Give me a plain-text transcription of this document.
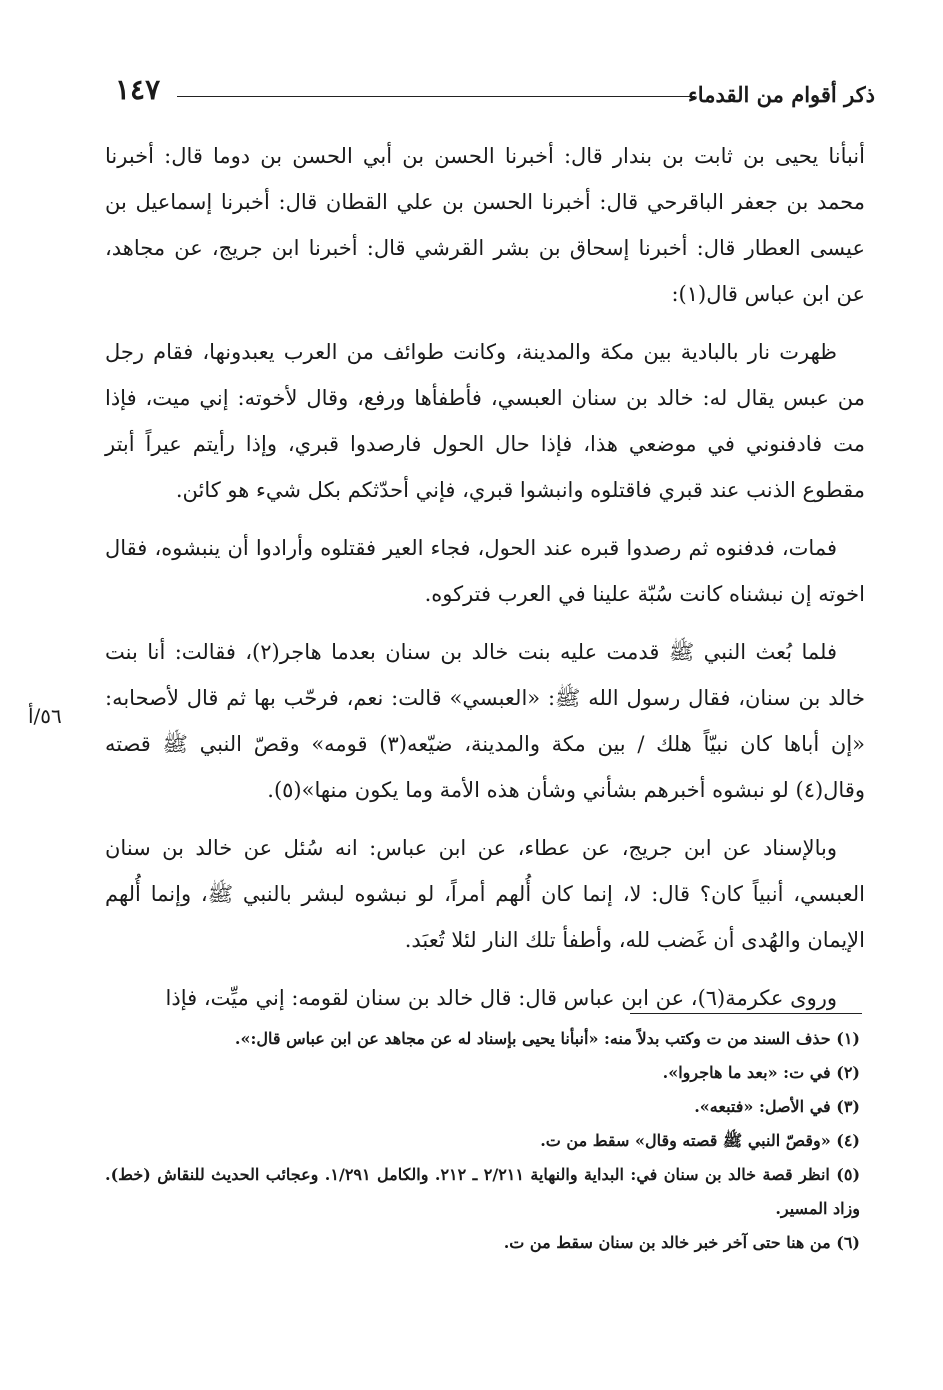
١٤٧	ذكر أقوام من القدماء
٥٦/أ

أنبأنا يحيى بن ثابت بن بندار قال: أخبرنا الحسن بن أبي الحسن بن دوما قال: أخبرنا محمد بن جعفر الباقرحي قال: أخبرنا الحسن بن علي القطان قال: أخبرنا إسماعيل بن عيسى العطار قال: أخبرنا إسحاق بن بشر القرشي قال: أخبرنا ابن جريج، عن مجاهد، عن ابن عباس قال(١):

ظهرت نار بالبادية بين مكة والمدينة، وكانت طوائف من العرب يعبدونها، فقام رجل من عبس يقال له: خالد بن سنان العبسي، فأطفأها ورفع، وقال لأخوته: إني ميت، فإذا مت فادفنوني في موضعي هذا، فإذا حال الحول فارصدوا قبري، وإذا رأيتم عيراً أبتر مقطوع الذنب عند قبري فاقتلوه وانبشوا قبري، فإني أحدّثكم بكل شيء هو كائن.

فمات، فدفنوه ثم رصدوا قبره عند الحول، فجاء العير فقتلوه وأرادوا أن ينبشوه، فقال اخوته إن نبشناه كانت سُبّة علينا في العرب فتركوه.

فلما بُعث النبي ﷺ قدمت عليه بنت خالد بن سنان بعدما هاجر(٢)، فقالت: أنا بنت خالد بن سنان، فقال رسول الله ﷺ: «العبسي» قالت: نعم، فرحّب بها ثم قال لأصحابه: «إن أباها كان نبيّاً هلك / بين مكة والمدينة، ضيّعه(٣) قومه» وقصّ النبي ﷺ قصته وقال(٤) لو نبشوه أخبرهم بشأني وشأن هذه الأمة وما يكون منها»(٥).

وبالإسناد عن ابن جريج، عن عطاء، عن ابن عباس: انه سُئل عن خالد بن سنان العبسي، أنبياً كان؟ قال: لا، إنما كان أُلهم أمراً، لو نبشوه لبشر بالنبي ﷺ، وإنما أُلهم الإيمان والهُدى أن غَضب لله، وأطفأ تلك النار لئلا تُعبَد.

وروى عكرمة(٦)، عن ابن عباس قال: قال خالد بن سنان لقومه: إني ميِّت، فإذا

(١) حذف السند من ت وكتب بدلاً منه: «أنبأنا يحيى بإسناد له عن مجاهد عن ابن عباس قال:».

(٢) في ت: «بعد ما هاجروا».

(٣) في الأصل: «فتبعه».

(٤) «وقصّ النبي ﷺ قصته وقال» سقط من ت.

(٥) انظر قصة خالد بن سنان في: البداية والنهاية ٢/٢١١ ـ ٢١٢. والكامل ١/٢٩١. وعجائب الحديث للنقاش (خط). وزاد المسير.

(٦) من هنا حتى آخر خبر خالد بن سنان سقط من ت.
